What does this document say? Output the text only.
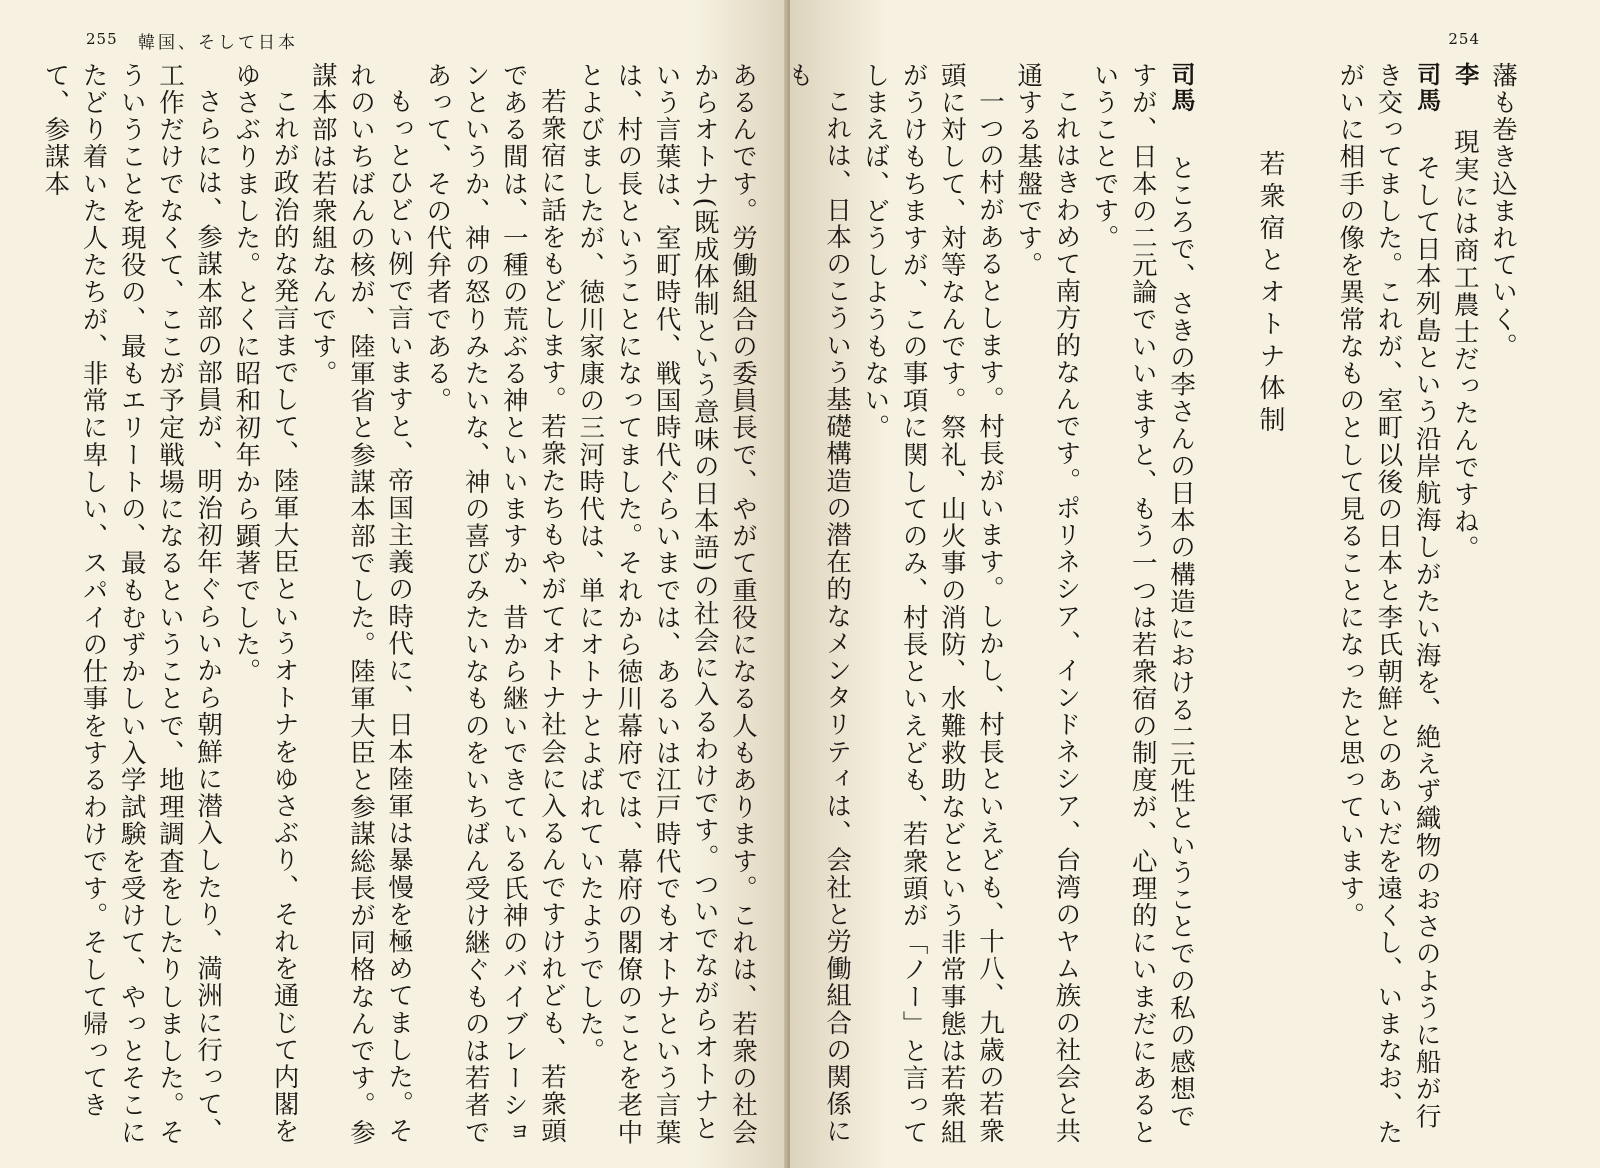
255 韓国、そして日本

あるんです。労働組合の委員長で、やがて重役になる人もあります。これは、若衆の社会からオトナ(既成体制という意味の日本語)の社会に入るわけです。ついでながらオトナという言葉は、室町時代、戦国時代ぐらいまでは、あるいは江戸時代でもオトナという言葉は、村の長ということになってました。それから徳川幕府では、幕府の閣僚のことを老中とよびましたが、徳川家康の三河時代は、単にオトナとよばれていたようでした。

若衆宿に話をもどします。若衆たちもやがてオトナ社会に入るんですけれども、若衆頭である間は、一種の荒ぶる神といいますか、昔から継いできている氏神のバイブレーションというか、神の怒りみたいな、神の喜びみたいなものをいちばん受け継ぐものは若者であって、その代弁者である。

もっとひどい例で言いますと、帝国主義の時代に、日本陸軍は暴慢を極めてました。それのいちばんの核が、陸軍省と参謀本部でした。陸軍大臣と参謀総長が同格なんです。参謀本部は若衆組なんです。

これが政治的な発言までして、陸軍大臣というオトナをゆさぶり、それを通じて内閣をゆさぶりました。とくに昭和初年から顕著でした。

さらには、参謀本部の部員が、明治初年ぐらいから朝鮮に潜入したり、満洲に行って、工作だけでなくて、ここが予定戦場になるということで、地理調査をしたりしました。そういうことを現役の、最もエリートの、最もむずかしい入学試験を受けて、やっとそこにたどり着いた人たちが、非常に卑しい、スパイの仕事をするわけです。そして帰ってきて、参謀本

254

藩も巻き込まれていく。

李　現実には商工農士だったんですね。

司馬　そして日本列島という沿岸航海しがたい海を、絶えず織物のおさのように船が行き交ってました。これが、室町以後の日本と李氏朝鮮とのあいだを遠くし、いまなお、たがいに相手の像を異常なものとして見ることになったと思っています。

若衆宿とオトナ体制

司馬　ところで、さきの李さんの日本の構造における二元性ということでの私の感想ですが、日本の二元論でいいますと、もう一つは若衆宿の制度が、心理的にいまだにあるということです。

これはきわめて南方的なんです。ポリネシア、インドネシア、台湾のヤム族の社会と共通する基盤です。

一つの村があるとします。村長がいます。しかし、村長といえども、十八、九歳の若衆頭に対して、対等なんです。祭礼、山火事の消防、水難救助などという非常事態は若衆組がうけもちますが、この事項に関してのみ、村長といえども、若衆頭が「ノー」と言ってしまえば、どうしようもない。

これは、日本のこういう基礎構造の潜在的なメンタリティは、会社と労働組合の関係にも
